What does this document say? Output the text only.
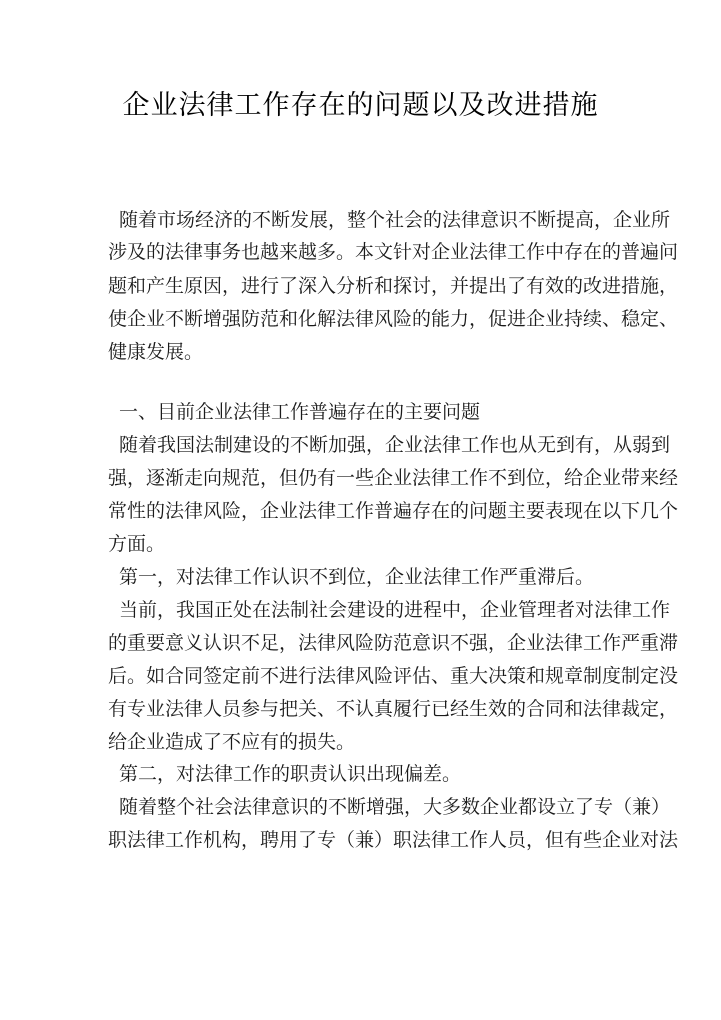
企业法律工作存在的问题以及改进措施
随着市场经济的不断发展，整个社会的法律意识不断提高，企业所
涉及的法律事务也越来越多。本文针对企业法律工作中存在的普遍问
题和产生原因，进行了深入分析和探讨，并提出了有效的改进措施，
使企业不断增强防范和化解法律风险的能力，促进企业持续、稳定、
健康发展。
一、目前企业法律工作普遍存在的主要问题
随着我国法制建设的不断加强，企业法律工作也从无到有，从弱到
强，逐渐走向规范，但仍有一些企业法律工作不到位，给企业带来经
常性的法律风险，企业法律工作普遍存在的问题主要表现在以下几个
方面。
第一，对法律工作认识不到位，企业法律工作严重滞后。
当前，我国正处在法制社会建设的进程中，企业管理者对法律工作
的重要意义认识不足，法律风险防范意识不强，企业法律工作严重滞
后。如合同签定前不进行法律风险评估、重大决策和规章制度制定没
有专业法律人员参与把关、不认真履行已经生效的合同和法律裁定，
给企业造成了不应有的损失。
第二，对法律工作的职责认识出现偏差。
随着整个社会法律意识的不断增强，大多数企业都设立了专（兼）
职法律工作机构，聘用了专（兼）职法律工作人员，但有些企业对法
